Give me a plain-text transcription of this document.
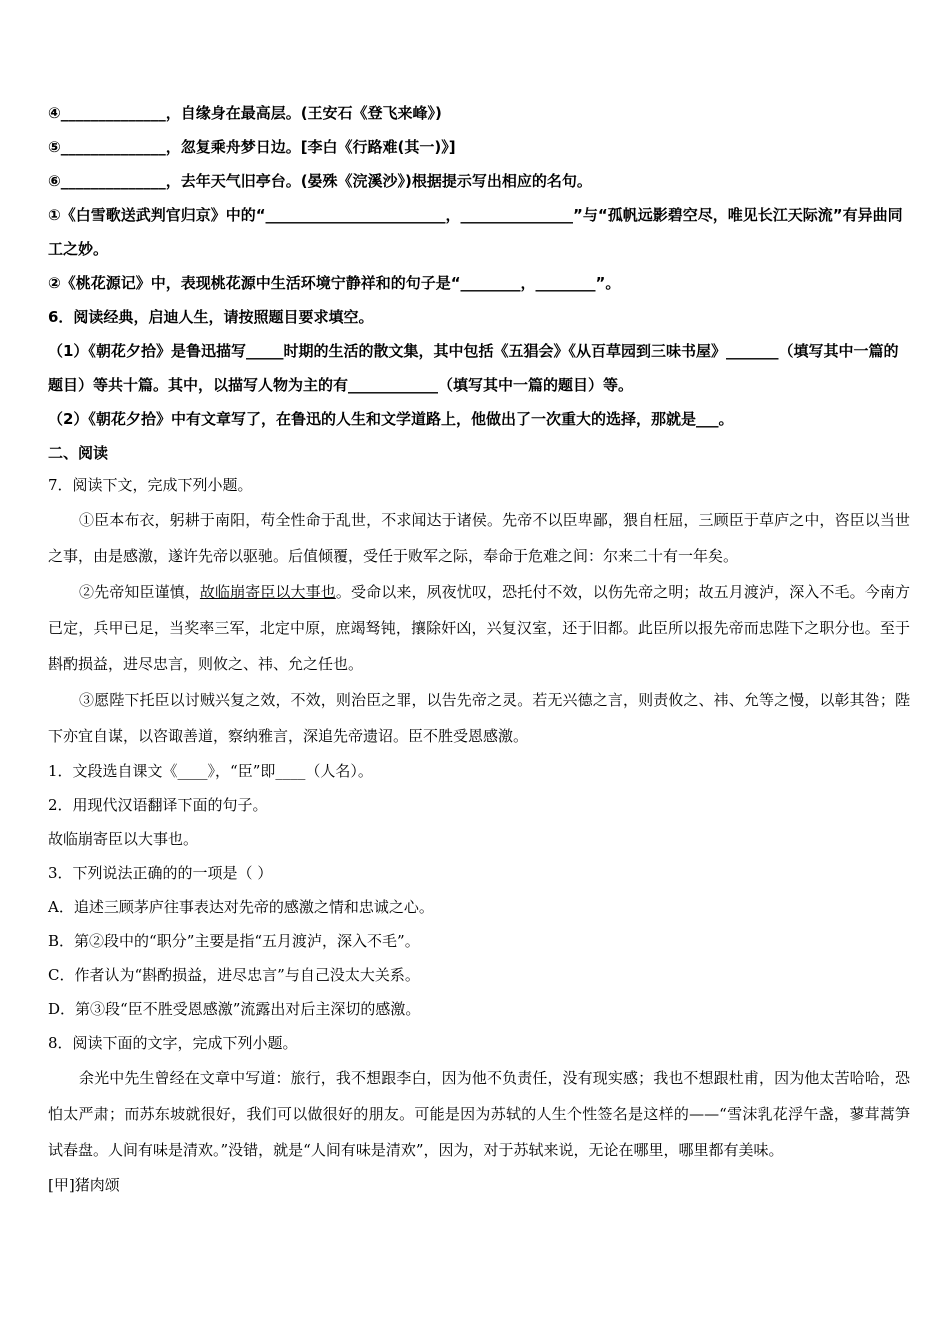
④______________，自缘身在最高层。(王安石《登飞来峰》)
⑤______________，忽复乘舟梦日边。[李白《行路难(其一)》]
⑥______________，去年天气旧亭台。(晏殊《浣溪沙》)根据提示写出相应的名句。
①《白雪歌送武判官归京》中的“________________________，_______________”与“孤帆远影碧空尽，唯见长江天际流”有异曲同工之妙。
②《桃花源记》中，表现桃花源中生活环境宁静祥和的句子是“________，________”。
6．阅读经典，启迪人生，请按照题目要求填空。
（1）《朝花夕拾》是鲁迅描写_____时期的生活的散文集，其中包括《五猖会》《从百草园到三味书屋》_______（填写其中一篇的题目）等共十篇。其中，以描写人物为主的有____________（填写其中一篇的题目）等。
（2）《朝花夕拾》中有文章写了，在鲁迅的人生和文学道路上，他做出了一次重大的选择，那就是___。
二、阅读
7．阅读下文，完成下列小题。
①臣本布衣，躬耕于南阳，苟全性命于乱世，不求闻达于诸侯。先帝不以臣卑鄙，猥自枉屈，三顾臣于草庐之中，咨臣以当世之事，由是感激，遂许先帝以驱驰。后值倾覆，受任于败军之际，奉命于危难之间：尔来二十有一年矣。
②先帝知臣谨慎，故临崩寄臣以大事也。受命以来，夙夜忧叹，恐托付不效，以伤先帝之明；故五月渡泸，深入不毛。今南方已定，兵甲已足，当奖率三军，北定中原，庶竭驽钝，攘除奸凶，兴复汉室，还于旧都。此臣所以报先帝而忠陛下之职分也。至于斟酌损益，进尽忠言，则攸之、祎、允之任也。
③愿陛下托臣以讨贼兴复之效，不效，则治臣之罪，以告先帝之灵。若无兴德之言，则责攸之、祎、允等之慢，以彰其咎；陛下亦宜自谋，以咨诹善道，察纳雅言，深追先帝遗诏。臣不胜受恩感激。
1．文段选自课文《____》，“臣”即____（人名）。
2．用现代汉语翻译下面的句子。
故临崩寄臣以大事也。
3．下列说法正确的的一项是（ ）
A．追述三顾茅庐往事表达对先帝的感激之情和忠诚之心。
B．第②段中的“职分”主要是指“五月渡泸，深入不毛”。
C．作者认为“斟酌损益，进尽忠言”与自己没太大关系。
D．第③段“臣不胜受恩感激”流露出对后主深切的感激。
8．阅读下面的文字，完成下列小题。
余光中先生曾经在文章中写道：旅行，我不想跟李白，因为他不负责任，没有现实感；我也不想跟杜甫，因为他太苦哈哈，恐怕太严肃；而苏东坡就很好，我们可以做很好的朋友。可能是因为苏轼的人生个性签名是这样的——“雪沫乳花浮午盏，蓼茸蒿笋试春盘。人间有味是清欢。”没错，就是“人间有味是清欢”，因为，对于苏轼来说，无论在哪里，哪里都有美味。
[甲]猪肉颂
